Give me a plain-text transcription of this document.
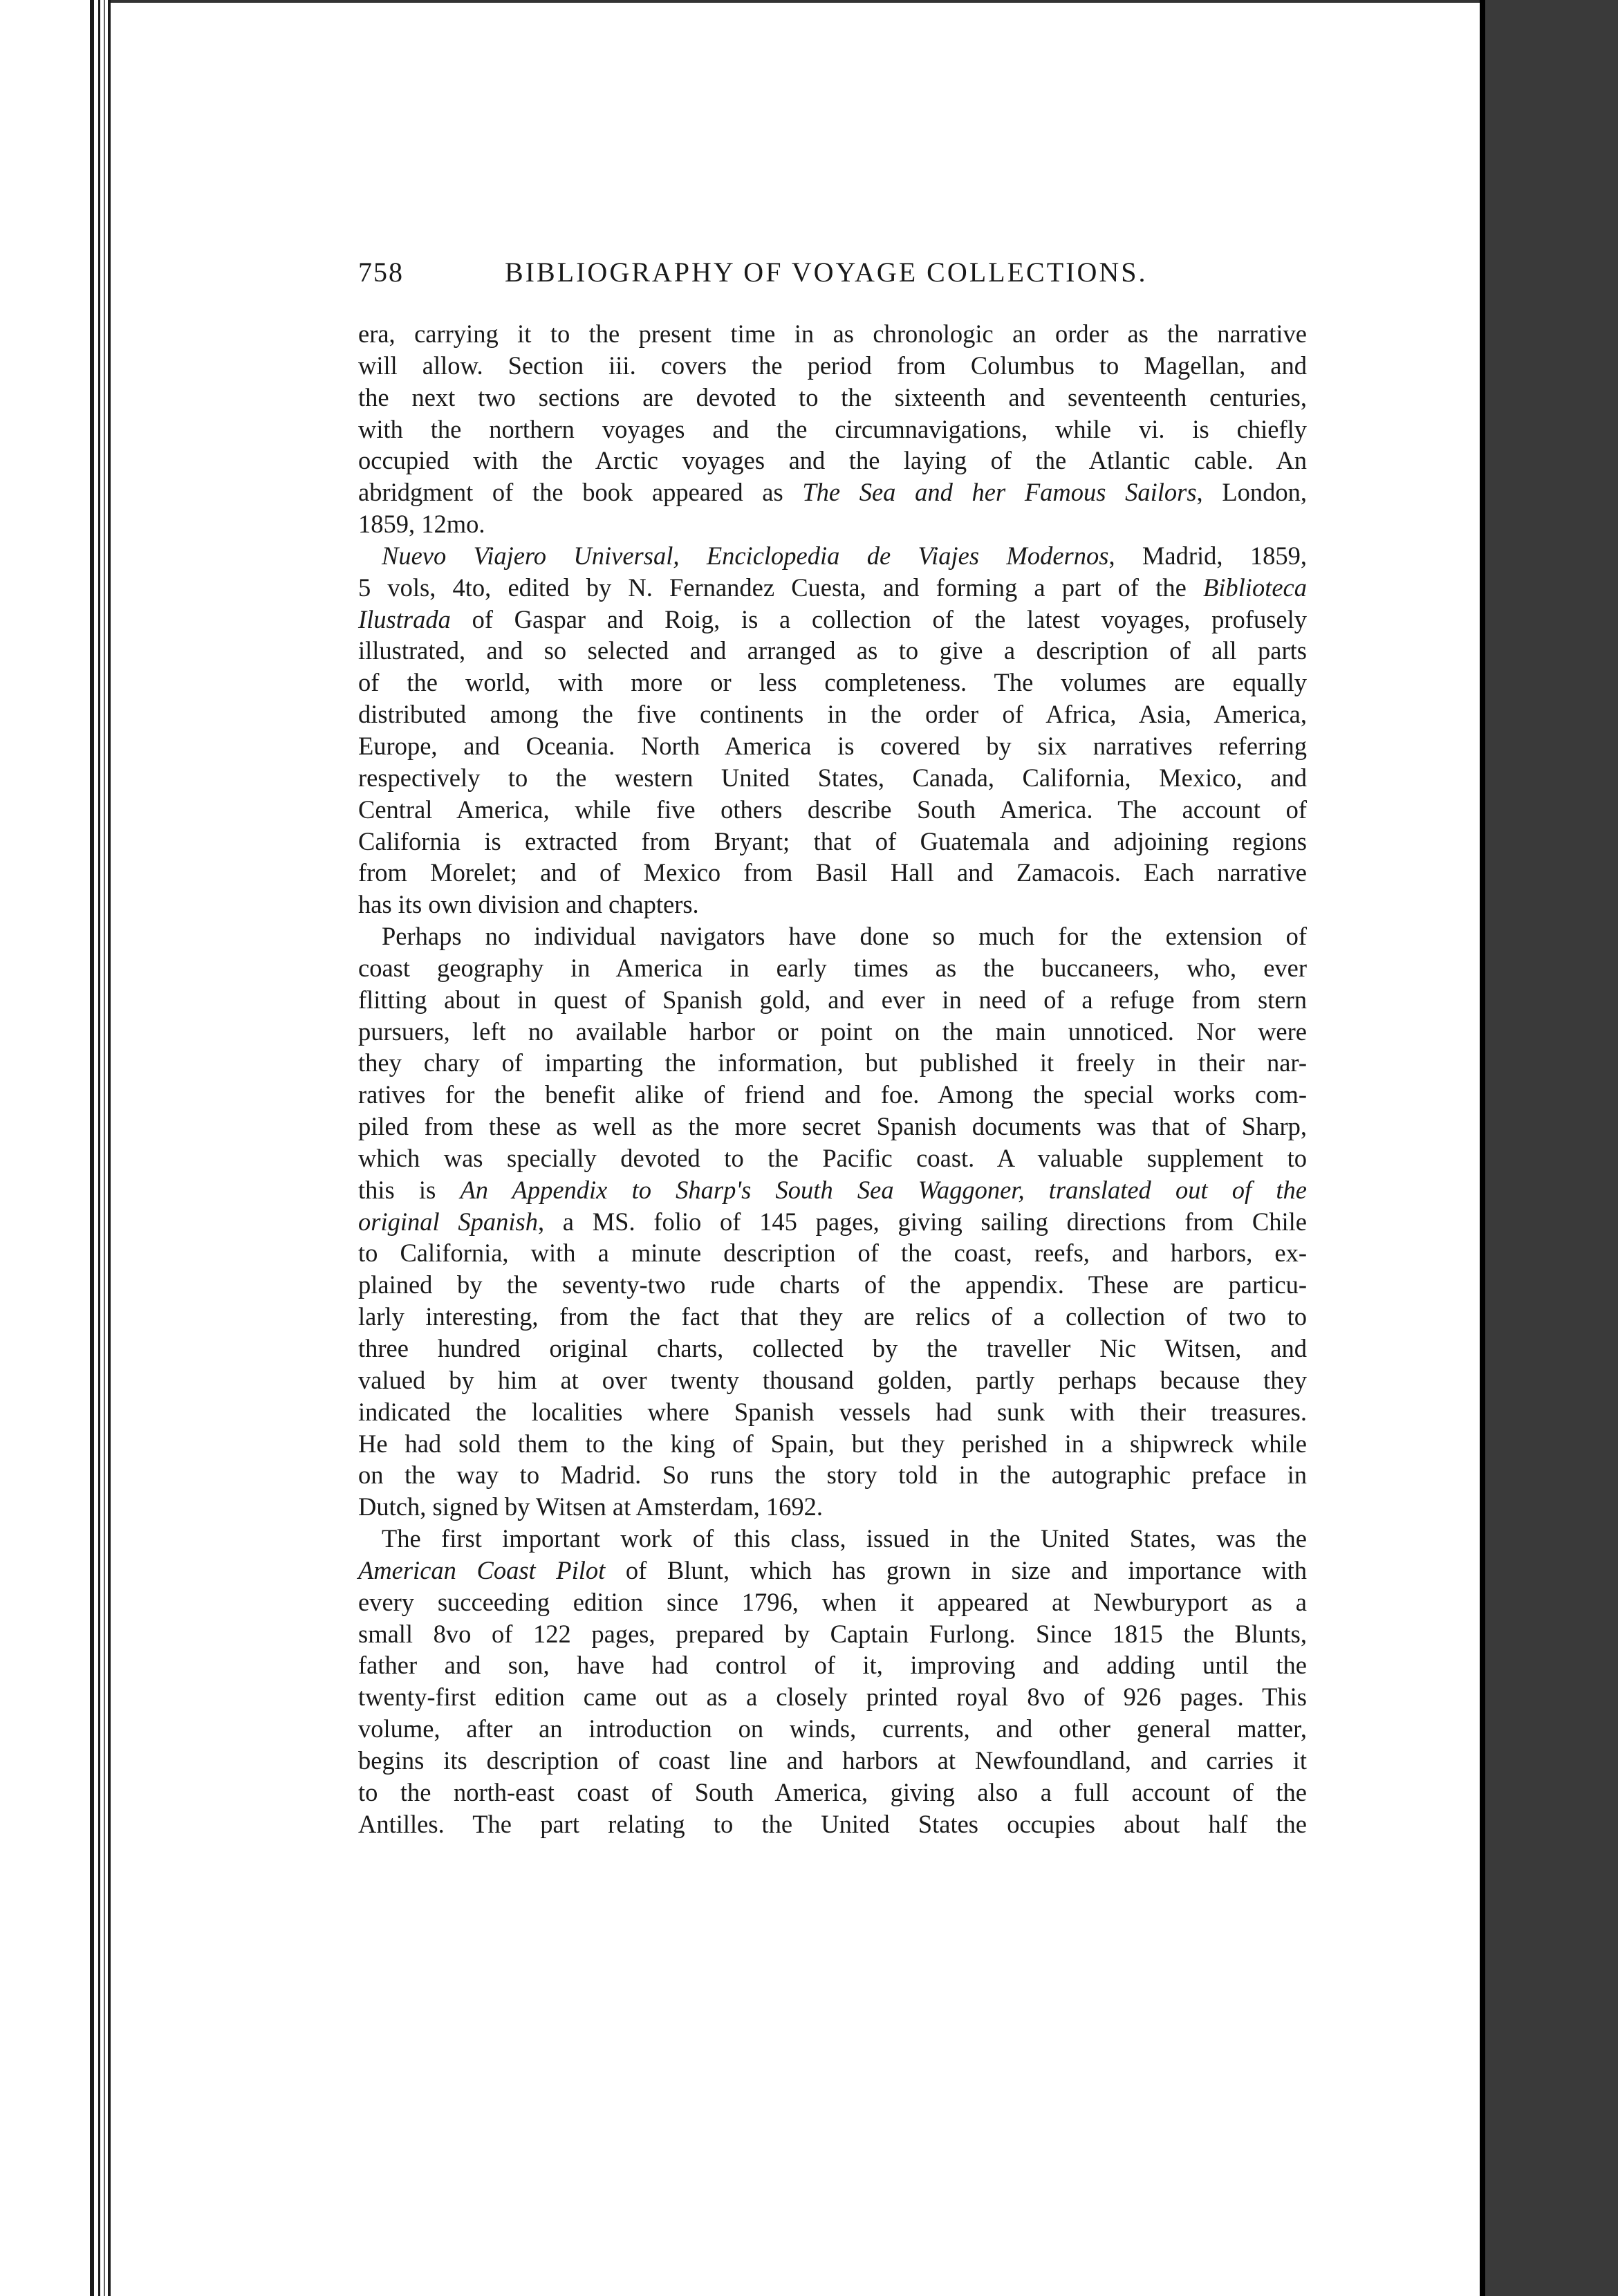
758	BIBLIOGRAPHY OF VOYAGE COLLECTIONS.
era, carrying it to the present time in as chronologic an order as the narrative
will allow. Section iii. covers the period from Columbus to Magellan, and
the next two sections are devoted to the sixteenth and seventeenth centuries,
with the northern voyages and the circumnavigations, while vi. is chiefly
occupied with the Arctic voyages and the laying of the Atlantic cable. An
abridgment of the book appeared as The Sea and her Famous Sailors, London,
1859, 12mo.
Nuevo Viajero Universal, Enciclopedia de Viajes Modernos, Madrid, 1859,
5 vols, 4to, edited by N. Fernandez Cuesta, and forming a part of the Biblioteca
Ilustrada of Gaspar and Roig, is a collection of the latest voyages, profusely
illustrated, and so selected and arranged as to give a description of all parts
of the world, with more or less completeness. The volumes are equally
distributed among the five continents in the order of Africa, Asia, America,
Europe, and Oceania. North America is covered by six narratives referring
respectively to the western United States, Canada, California, Mexico, and
Central America, while five others describe South America. The account of
California is extracted from Bryant; that of Guatemala and adjoining regions
from Morelet; and of Mexico from Basil Hall and Zamacois. Each narrative
has its own division and chapters.
Perhaps no individual navigators have done so much for the extension of
coast geography in America in early times as the buccaneers, who, ever
flitting about in quest of Spanish gold, and ever in need of a refuge from stern
pursuers, left no available harbor or point on the main unnoticed. Nor were
they chary of imparting the information, but published it freely in their nar-
ratives for the benefit alike of friend and foe. Among the special works com-
piled from these as well as the more secret Spanish documents was that of Sharp,
which was specially devoted to the Pacific coast. A valuable supplement to
this is An Appendix to Sharp's South Sea Waggoner, translated out of the
original Spanish, a MS. folio of 145 pages, giving sailing directions from Chile
to California, with a minute description of the coast, reefs, and harbors, ex-
plained by the seventy-two rude charts of the appendix. These are particu-
larly interesting, from the fact that they are relics of a collection of two to
three hundred original charts, collected by the traveller Nic Witsen, and
valued by him at over twenty thousand golden, partly perhaps because they
indicated the localities where Spanish vessels had sunk with their treasures.
He had sold them to the king of Spain, but they perished in a shipwreck while
on the way to Madrid. So runs the story told in the autographic preface in
Dutch, signed by Witsen at Amsterdam, 1692.
The first important work of this class, issued in the United States, was the
American Coast Pilot of Blunt, which has grown in size and importance with
every succeeding edition since 1796, when it appeared at Newburyport as a
small 8vo of 122 pages, prepared by Captain Furlong. Since 1815 the Blunts,
father and son, have had control of it, improving and adding until the
twenty-first edition came out as a closely printed royal 8vo of 926 pages. This
volume, after an introduction on winds, currents, and other general matter,
begins its description of coast line and harbors at Newfoundland, and carries it
to the north-east coast of South America, giving also a full account of the
Antilles. The part relating to the United States occupies about half the
